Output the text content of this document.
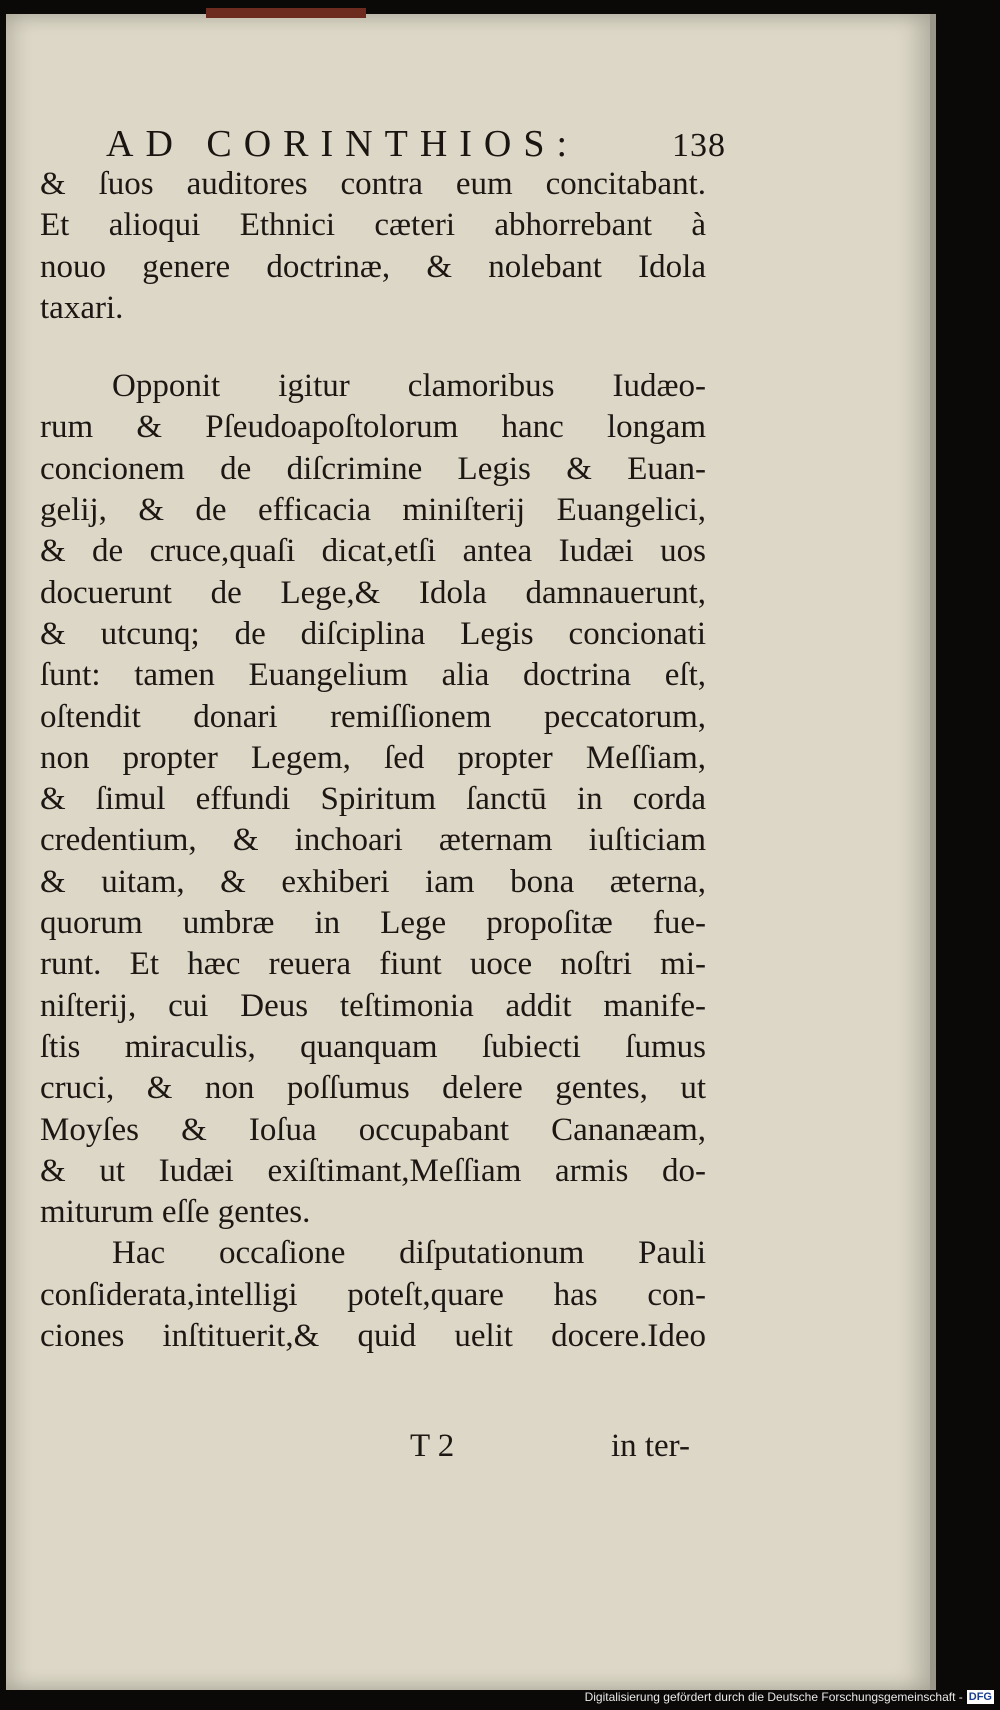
AD CORINTHIOS:	138
& ſuos auditores contra eum concitabant.
Et alioqui Ethnici cæteri abhorrebant à
nouo genere doctrinæ, & nolebant Idola
taxari.
Opponit igitur clamoribus Iudæo-
rum & Pſeudoapoſtolorum hanc longam
concionem de diſcrimine Legis & Euan-
gelij, & de efficacia miniſterij Euangelici,
& de cruce,quaſi dicat,etſi antea Iudæi uos
docuerunt de Lege,& Idola damnauerunt,
& utcunq; de diſciplina Legis concionati
ſunt: tamen Euangelium alia doctrina eſt,
oſtendit donari remiſſionem peccatorum,
non propter Legem, ſed propter Meſſiam,
& ſimul effundi Spiritum ſanctū in corda
credentium, & inchoari æternam iuſticiam
& uitam, & exhiberi iam bona æterna,
quorum umbræ in Lege propoſitæ fue-
runt. Et hæc reuera fiunt uoce noſtri mi-
niſterij, cui Deus teſtimonia addit manife-
ſtis miraculis, quanquam ſubiecti ſumus
cruci, & non poſſumus delere gentes, ut
Moyſes & Ioſua occupabant Cananæam,
& ut Iudæi exiſtimant,Meſſiam armis do-
miturum eſſe gentes.
Hac occaſione diſputationum Pauli
conſiderata,intelligi poteſt,quare has con-
ciones inſtituerit,& quid uelit docere.Ideo
T 2	in ter-
Digitalisierung gefördert durch die Deutsche Forschungsgemeinschaft - DFG
